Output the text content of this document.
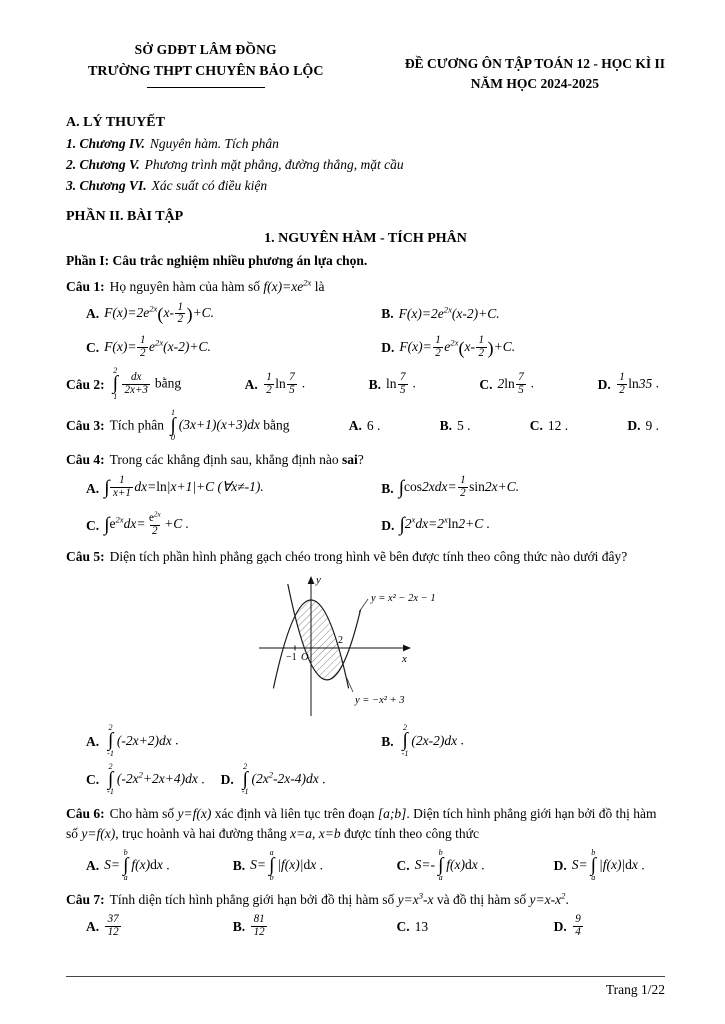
SỞ GDĐT LÂM ĐỒNG
TRƯỜNG THPT CHUYÊN BẢO LỘC
ĐỀ CƯƠNG ÔN TẬP TOÁN 12 - HỌC KÌ II
NĂM HỌC 2024-2025
A. LÝ THUYẾT
1. Chương IV. Nguyên hàm. Tích phân
2. Chương V. Phương trình mặt phẳng, đường thẳng, mặt cầu
3. Chương VI. Xác suất có điều kiện
PHẦN II. BÀI TẬP
1. NGUYÊN HÀM - TÍCH PHÂN
Phần I: Câu trắc nghiệm nhiều phương án lựa chọn.
Câu 1: Họ nguyên hàm của hàm số $f(x)=xe^{2x}$ là
A. $F(x)=2e^{2x}(x- \frac{1}{2} )+C$.	B. $F(x)=2e^{2x}(x-2)+C$.
C. $F(x)= \frac{1}{2} e^{2x}(x-2)+C$.	D. $F(x)= \frac{1}{2} e^{2x}(x- \frac{1}{2} )+C$.
Câu 2:
2
∫
$1 \frac{dx}{2x+3}$ bằng	A. $\frac{1}{2}$ $\ln \frac{7}{5}$ .	B. $\ln \frac{7}{5}$ .	C. $2\ln \frac{7}{5}$ .	D. $\frac{1}{2} \ln 35$ .
Câu 3: Tích phân
1
∫
0
(3x+1)(x+3)dx bằng	A. 6 .	B. 5 .	C. 12 .	D. 9 .
Câu 4: Trong các khẳng định sau, khẳng định nào sai?
A. ∫ $\frac{1}{x+1} dx=\ln|x+1|+C$ (∀x≠-1).	B. $\int\cos 2xdx= \frac{1}{2} \sin 2x+C$.
C. $\int e^{2x}dx= \frac{e^{2x}}{2} +C$ .	D. $\int 2^xdx=2^x\ln 2+C$ .
Câu 5: Diện tích phần hình phẳng gạch chéo trong hình vẽ bên được tính theo công thức nào dưới đây?
y = x² − 2x − 1
y = −x² + 3
x
y
O
−1
2
A.
2
∫
-1
(-2x+2)dx .	B.
2
∫
-1
(2x-2)dx .
C.
2
∫
-1
$(-2x^2+2x+4)dx$ . D.
2
∫
-1
$(2x^2-2x-4)dx$ .
Câu 6: Cho hàm số y=f(x) xác định và liên tục trên đoạn [a;b]. Diện tích hình phẳng giới hạn bởi đồ thị hàm số y=f(x), trục hoành và hai đường thẳng x=a, x=b được tính theo công thức
A. S=
b
∫
a
f(x)dx .	B. S=
a
∫
b
|f(x)|dx .	C. S=-
b
∫
a
f(x)dx .	D. S=
b
∫
a
|f(x)|dx .
Câu 7: Tính diện tích hình phẳng giới hạn bởi đồ thị hàm số $y=x^3-x$ và đồ thị hàm số $y=x-x^2$.
A. $\frac{37}{12}$	B. $\frac{81}{12}$	C. 13	D. $\frac{9}{4}$
Trang 1/22
